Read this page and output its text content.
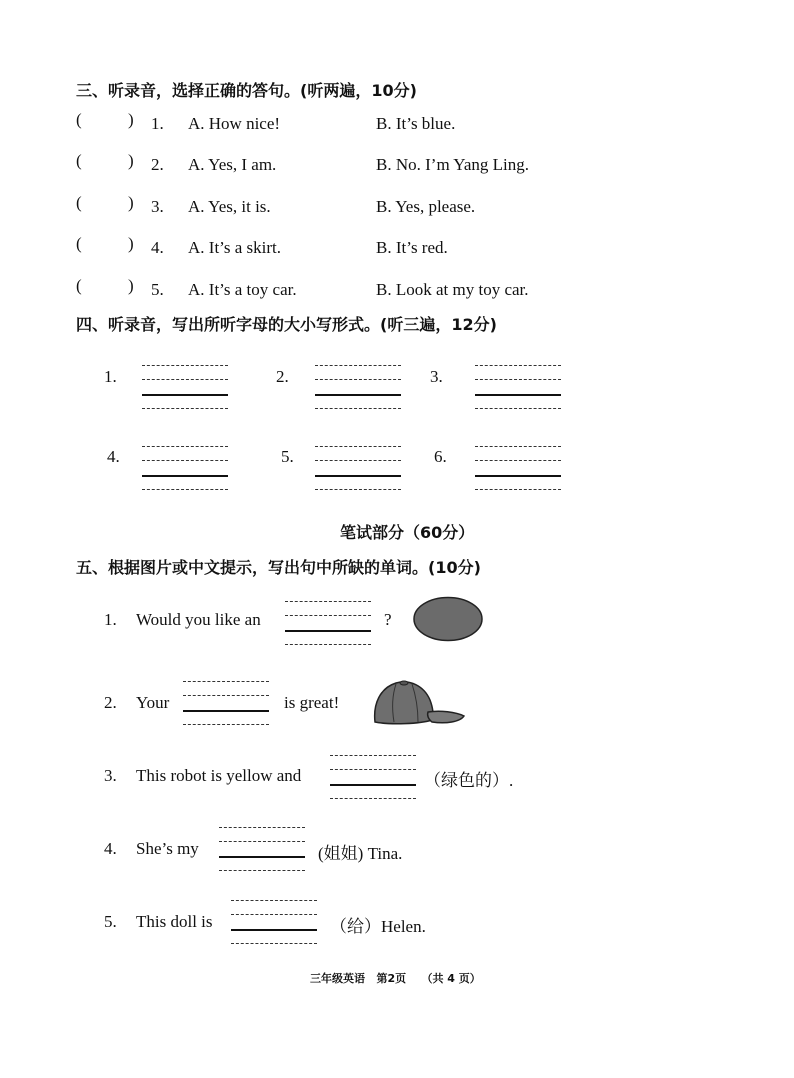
三、听录音，选择正确的答句。(听两遍，10分)
(	) 1. A. How nice!	B. It’s blue.
(	) 2. A. Yes, I am.	B. No. I’m Yang Ling.
(	) 3. A. Yes, it is.	B. Yes, please.
(	) 4. A. It’s a skirt.	B. It’s red.
(	) 5. A. It’s a toy car.	B. Look at my toy car.
四、听录音，写出所听字母的大小写形式。(听三遍，12分)
1.	2.	3.
4.	5.	6.
笔试部分（60分）
五、根据图片或中文提示，写出句中所缺的单词。(10分)
1. Would you like an	?
2. Your	is great!
3. This robot is yellow and	（绿色的）.
4. She’s my	(姐姐) Tina.
5. This doll is	（给）Helen.
三年级英语   第2页    （共 4 页）
